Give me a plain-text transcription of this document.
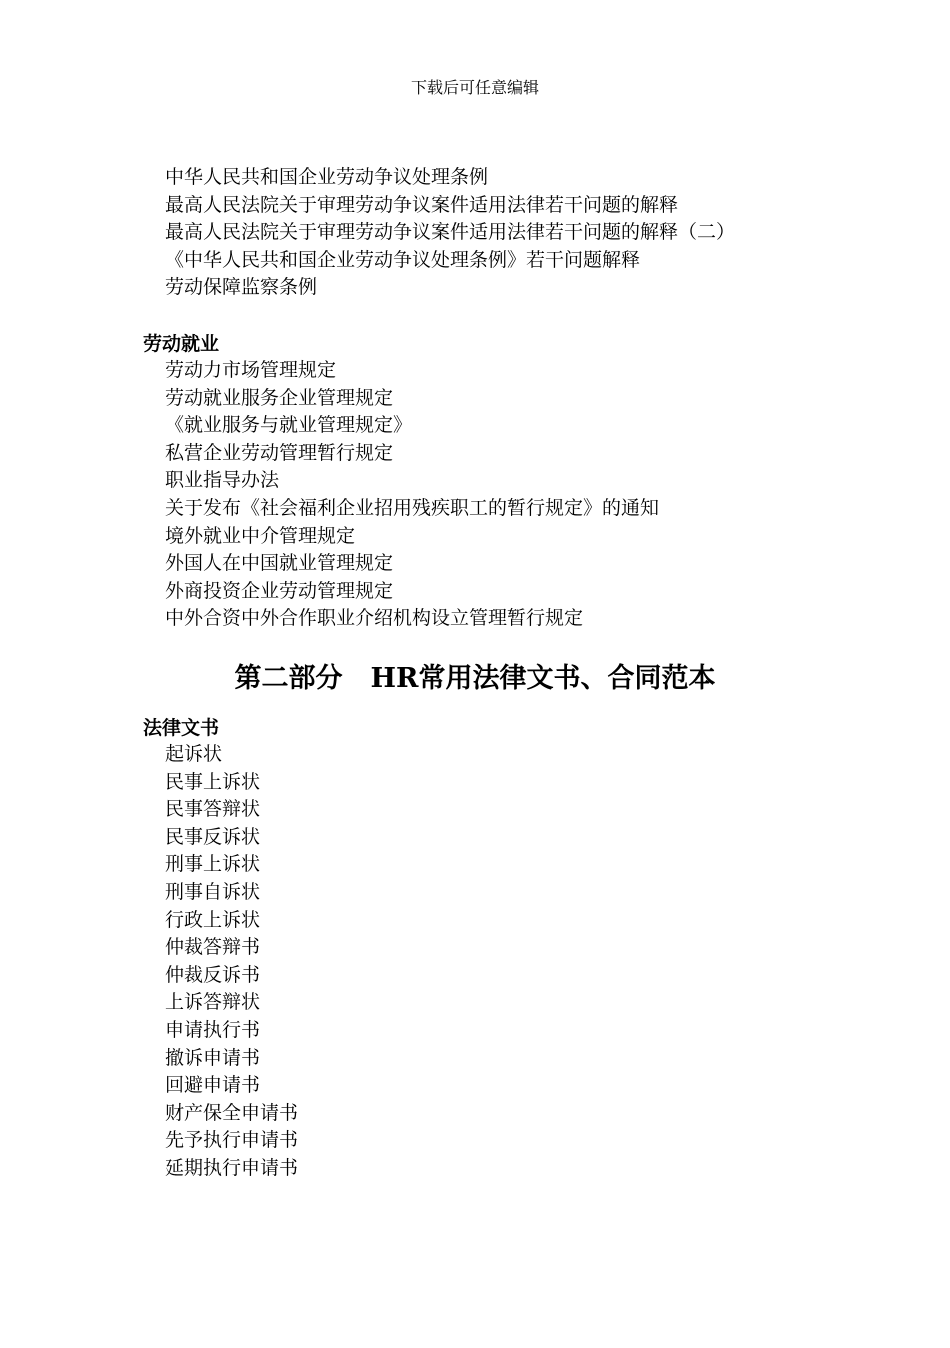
下载后可任意编辑
中华人民共和国企业劳动争议处理条例
最高人民法院关于审理劳动争议案件适用法律若干问题的解释
最高人民法院关于审理劳动争议案件适用法律若干问题的解释（二）
《中华人民共和国企业劳动争议处理条例》若干问题解释
劳动保障监察条例
劳动就业
劳动力市场管理规定
劳动就业服务企业管理规定
《就业服务与就业管理规定》
私营企业劳动管理暂行规定
职业指导办法
关于发布《社会福利企业招用残疾职工的暂行规定》的通知
境外就业中介管理规定
外国人在中国就业管理规定
外商投资企业劳动管理规定
中外合资中外合作职业介绍机构设立管理暂行规定
第二部分 HR常用法律文书、合同范本
法律文书
起诉状
民事上诉状
民事答辩状
民事反诉状
刑事上诉状
刑事自诉状
行政上诉状
仲裁答辩书
仲裁反诉书
上诉答辩状
申请执行书
撤诉申请书
回避申请书
财产保全申请书
先予执行申请书
延期执行申请书
